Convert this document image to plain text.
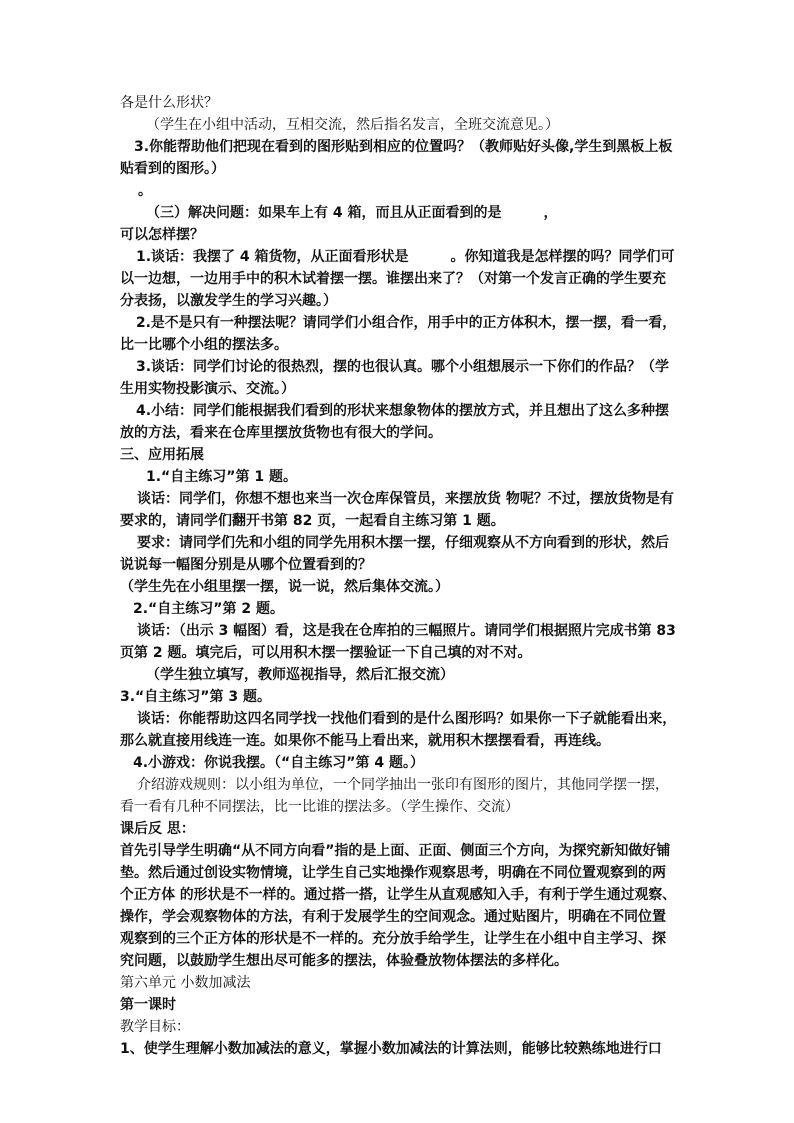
各是什么形状？
（学生在小组中活动，互相交流，然后指名发言，全班交流意见。）
3.你能帮助他们把现在看到的图形贴到相应的位置吗？（教师贴好头像,学生到黑板上板
贴看到的图形。）
。
（三）解决问题：如果车上有 4 箱，而且从正面看到的是　　　，
可以怎样摆？
1.谈话：我摆了 4 箱货物，从正面看形状是　　　。你知道我是怎样摆的吗？同学们可
以一边想，一边用手中的积木试着摆一摆。谁摆出来了？（对第一个发言正确的学生要充
分表扬，以激发学生的学习兴趣。）
2.是不是只有一种摆法呢？请同学们小组合作，用手中的正方体积木，摆一摆，看一看，
比一比哪个小组的摆法多。
3.谈话：同学们讨论的很热烈，摆的也很认真。哪个小组想展示一下你们的作品？（学
生用实物投影演示、交流。）
4.小结：同学们能根据我们看到的形状来想象物体的摆放方式，并且想出了这么多种摆
放的方法，看来在仓库里摆放货物也有很大的学问。
三、应用拓展
1.“自主练习”第 1 题。
谈话：同学们，你想不想也来当一次仓库保管员，来摆放货 物呢？不过，摆放货物是有
要求的，请同学们翻开书第 82 页，一起看自主练习第 1 题。
要求：请同学们先和小组的同学先用积木摆一摆，仔细观察从不方向看到的形状，然后
说说每一幅图分别是从哪个位置看到的？
（学生先在小组里摆一摆，说一说，然后集体交流。）
2.“自主练习”第 2 题。
谈话：（出示 3 幅图）看，这是我在仓库拍的三幅照片。请同学们根据照片完成书第 83
页第 2 题。填完后，可以用积木摆一摆验证一下自己填的对不对。
（学生独立填写，教师巡视指导，然后汇报交流）
3.“自主练习”第 3 题。
谈话：你能帮助这四名同学找一找他们看到的是什么图形吗？如果你一下子就能看出来，
那么就直接用线连一连。如果你不能马上看出来，就用积木摆摆看看，再连线。
4.小游戏：你说我摆。（“自主练习”第 4 题。）
介绍游戏规则：以小组为单位，一个同学抽出一张印有图形的图片，其他同学摆一摆，
看一看有几种不同摆法，比一比谁的摆法多。（学生操作、交流）
课后反 思：
首先引导学生明确“从不同方向看”指的是上面、正面、侧面三个方向，为探究新知做好铺
垫。然后通过创设实物情境，让学生自己实地操作观察思考，明确在不同位置观察到的两
个正方体 的形状是不一样的。通过搭一搭，让学生从直观感知入手，有利于学生通过观察、
操作，学会观察物体的方法，有利于发展学生的空间观念。通过贴图片，明确在不同位置
观察到的三个正方体的形状是不一样的。充分放手给学生，让学生在小组中自主学习、探
究问题，以鼓励学生想出尽可能多的摆法，体验叠放物体摆法的多样化。
第六单元 小数加减法
第一课时
教学目标：
1、使学生理解小数加减法的意义，掌握小数加减法的计算法则，能够比较熟练地进行口
